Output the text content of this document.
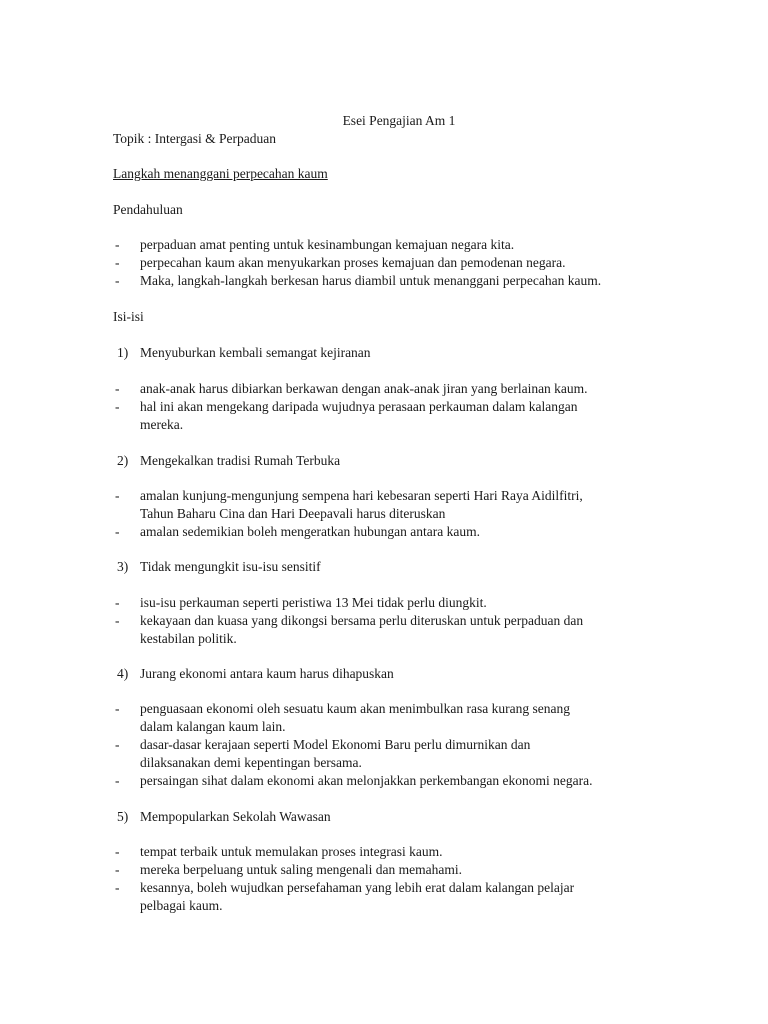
Esei Pengajian Am 1
Topik : Intergasi & Perpaduan
Langkah menanggani perpecahan kaum
Pendahuluan
- perpaduan amat penting untuk kesinambungan kemajuan negara kita.
- perpecahan kaum akan menyukarkan proses kemajuan dan pemodenan negara.
- Maka, langkah-langkah berkesan harus diambil untuk menanggani perpecahan kaum.
Isi-isi
1) Menyuburkan kembali semangat kejiranan
- anak-anak harus dibiarkan berkawan dengan anak-anak jiran yang berlainan kaum.
- hal ini akan mengekang daripada wujudnya perasaan perkauman dalam kalangan
mereka.
2) Mengekalkan tradisi Rumah Terbuka
- amalan kunjung-mengunjung sempena hari kebesaran seperti Hari Raya Aidilfitri,
Tahun Baharu Cina dan Hari Deepavali harus diteruskan
- amalan sedemikian boleh mengeratkan hubungan antara kaum.
3) Tidak mengungkit isu-isu sensitif
- isu-isu perkauman seperti peristiwa 13 Mei tidak perlu diungkit.
- kekayaan dan kuasa yang dikongsi bersama perlu diteruskan untuk perpaduan dan
kestabilan politik.
4) Jurang ekonomi antara kaum harus dihapuskan
- penguasaan ekonomi oleh sesuatu kaum akan menimbulkan rasa kurang senang
dalam kalangan kaum lain.
- dasar-dasar kerajaan seperti Model Ekonomi Baru perlu dimurnikan dan
dilaksanakan demi kepentingan bersama.
- persaingan sihat dalam ekonomi akan melonjakkan perkembangan ekonomi negara.
5) Mempopularkan Sekolah Wawasan
- tempat terbaik untuk memulakan proses integrasi kaum.
- mereka berpeluang untuk saling mengenali dan memahami.
- kesannya, boleh wujudkan persefahaman yang lebih erat dalam kalangan pelajar
pelbagai kaum.
